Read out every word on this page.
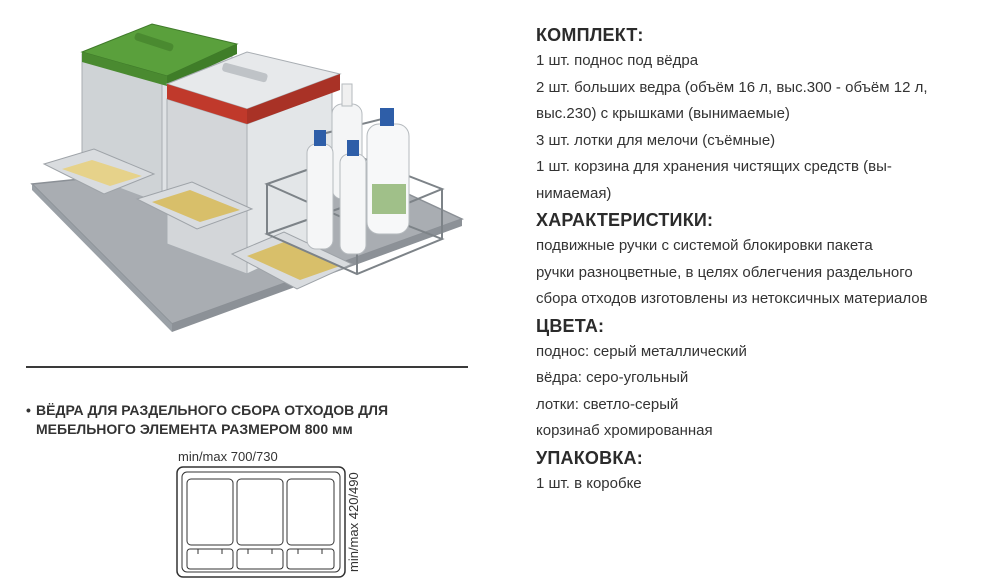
• ВЁДРА ДЛЯ РАЗДЕЛЬНОГО СБОРА ОТХОДОВ ДЛЯ МЕБЕЛЬНОГО ЭЛЕМЕНТА РАЗМЕРОМ 800 мм
min/max 700/730
min/max 420/490
КОМПЛЕКТ:
1 шт. поднос под вёдра
2 шт. больших ведра (объём 16 л, выс.300 - объём 12 л,
выс.230) с крышками (вынимаемые)
3 шт. лотки для мелочи (съёмные)
1 шт. корзина для хранения чистящих средств (вы-
нимаемая)
ХАРАКТЕРИСТИКИ:
подвижные ручки с системой блокировки пакета
ручки разноцветные, в целях облегчения раздельного
сбора отходов изготовлены из нетоксичных материалов
ЦВЕТА:
поднос: серый металлический
вёдра: серо-угольный
лотки: светло-серый
корзинаб хромированная
УПАКОВКА:
1 шт. в коробке
